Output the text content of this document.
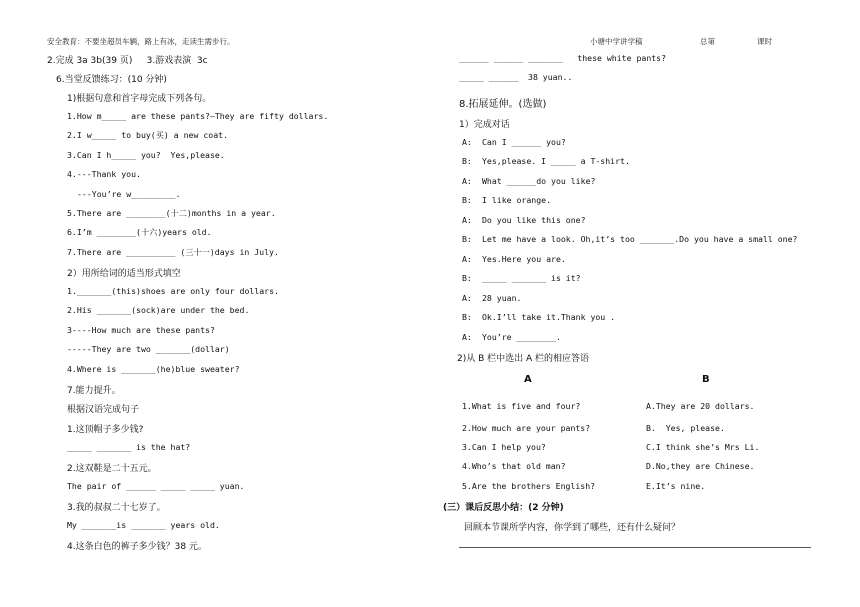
安全教育：不要坐超员车辆，路上有冰，走读生需步行。	小塘中学讲学稿	总第	课时
2.完成 3a 3b(39 页)     3.游戏表演  3c
6.当堂反馈练习：(10 分钟)
1)根据句意和首字母完成下列各句。
1.How m_____ are these pants?—They are fifty dollars.
2.I w_____ to buy(买) a new coat.
3.Can I h_____ you?  Yes,please.
4.---Thank you.
---You’re w_________.
5.There are ________(十二)months in a year.
6.I’m ________(十六)years old.
7.There are __________ (三十一)days in July.
2）用所给词的适当形式填空
1._______(this)shoes are only four dollars.
2.His _______(sock)are under the bed.
3----How much are these pants?
-----They are two _______(dollar)
4.Where is _______(he)blue sweater?
7.能力提升。
根据汉语完成句子
1.这顶帽子多少钱?
_____ _______ is the hat?
2.这双鞋是二十五元。
The pair of ______ _____ _____ yuan.
3.我的叔叔二十七岁了。
My _______is _______ years old.
4.这条白色的裤子多少钱？38 元。
______ ______ _______   these white pants?
_____ ______  38 yuan..
8.拓展延伸。(选做)
1）完成对话
A: Can I ______ you?
B: Yes,please. I _____ a T-shirt.
A: What ______do you like?
B: I like orange.
A: Do you like this one?
B: Let me have a look. Oh,it’s too _______.Do you have a small one?
A: Yes.Here you are.
B: _____ _______ is it?
A: 28 yuan.
B: Ok.I’ll take it.Thank you .
A: You’re ________.
2)从 B 栏中选出 A 栏的相应答语
A	B
1.What is five and four?	A.They are 20 dollars.
2.How much are your pants?	B.  Yes, please.
3.Can I help you?	C.I think she’s Mrs Li.
4.Who’s that old man?	D.No,they are Chinese.
5.Are the brothers English?	E.It’s nine.
(三）课后反思小结：(2 分钟)
回顾本节课所学内容，你学到了哪些，还有什么疑问？
